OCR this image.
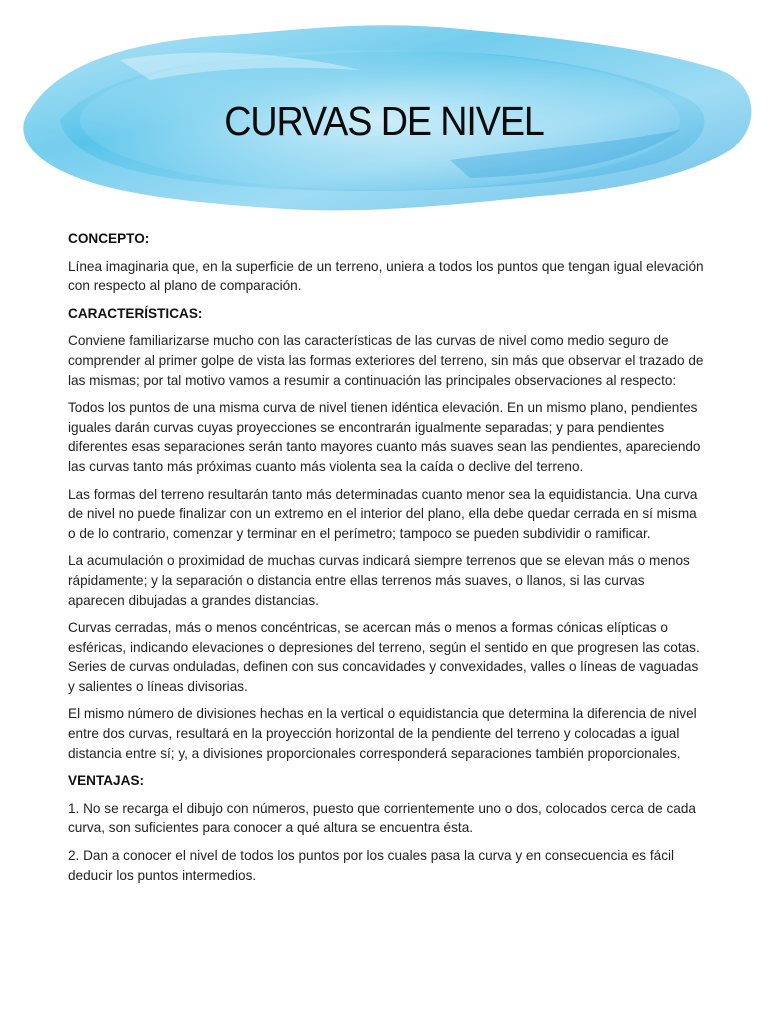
CURVAS DE NIVEL
CONCEPTO:

Línea imaginaria que, en la superficie de un terreno, uniera a todos los puntos que tengan igual elevación con respecto al plano de comparación.

CARACTERÍSTICAS:

Conviene familiarizarse mucho con las características de las curvas de nivel como medio seguro de comprender al primer golpe de vista las formas exteriores del terreno, sin más que observar el trazado de las mismas; por tal motivo vamos a resumir a continuación las principales observaciones al respecto:

Todos los puntos de una misma curva de nivel tienen idéntica elevación. En un mismo plano, pendientes iguales darán curvas cuyas proyecciones se encontrarán igualmente separadas; y para pendientes diferentes esas separaciones serán tanto mayores cuanto más suaves sean las pendientes, apareciendo las curvas tanto más próximas cuanto más violenta sea la caída o declive del terreno.

Las formas del terreno resultarán tanto más determinadas cuanto menor sea la equidistancia. Una curva de nivel no puede finalizar con un extremo en el interior del plano, ella debe quedar cerrada en sí misma o de lo contrario, comenzar y terminar en el perímetro; tampoco se pueden subdividir o ramificar.

La acumulación o proximidad de muchas curvas indicará siempre terrenos que se elevan más o menos rápidamente; y la separación o distancia entre ellas terrenos más suaves, o llanos, si las curvas aparecen dibujadas a grandes distancias.

Curvas cerradas, más o menos concéntricas, se acercan más o menos a formas cónicas elípticas o esféricas, indicando elevaciones o depresiones del terreno, según el sentido en que progresen las cotas. Series de curvas onduladas, definen con sus concavidades y convexidades, valles o líneas de vaguadas y salientes o líneas divisorias.

El mismo número de divisiones hechas en la vertical o equidistancia que determina la diferencia de nivel entre dos curvas, resultará en la proyección horizontal de la pendiente del terreno y colocadas a igual distancia entre sí; y, a divisiones proporcionales corresponderá separaciones también proporcionales.

VENTAJAS:

1. No se recarga el dibujo con números, puesto que corrientemente uno o dos, colocados cerca de cada curva, son suficientes para conocer a qué altura se encuentra ésta.

2. Dan a conocer el nivel de todos los puntos por los cuales pasa la curva y en consecuencia es fácil deducir los puntos intermedios.
